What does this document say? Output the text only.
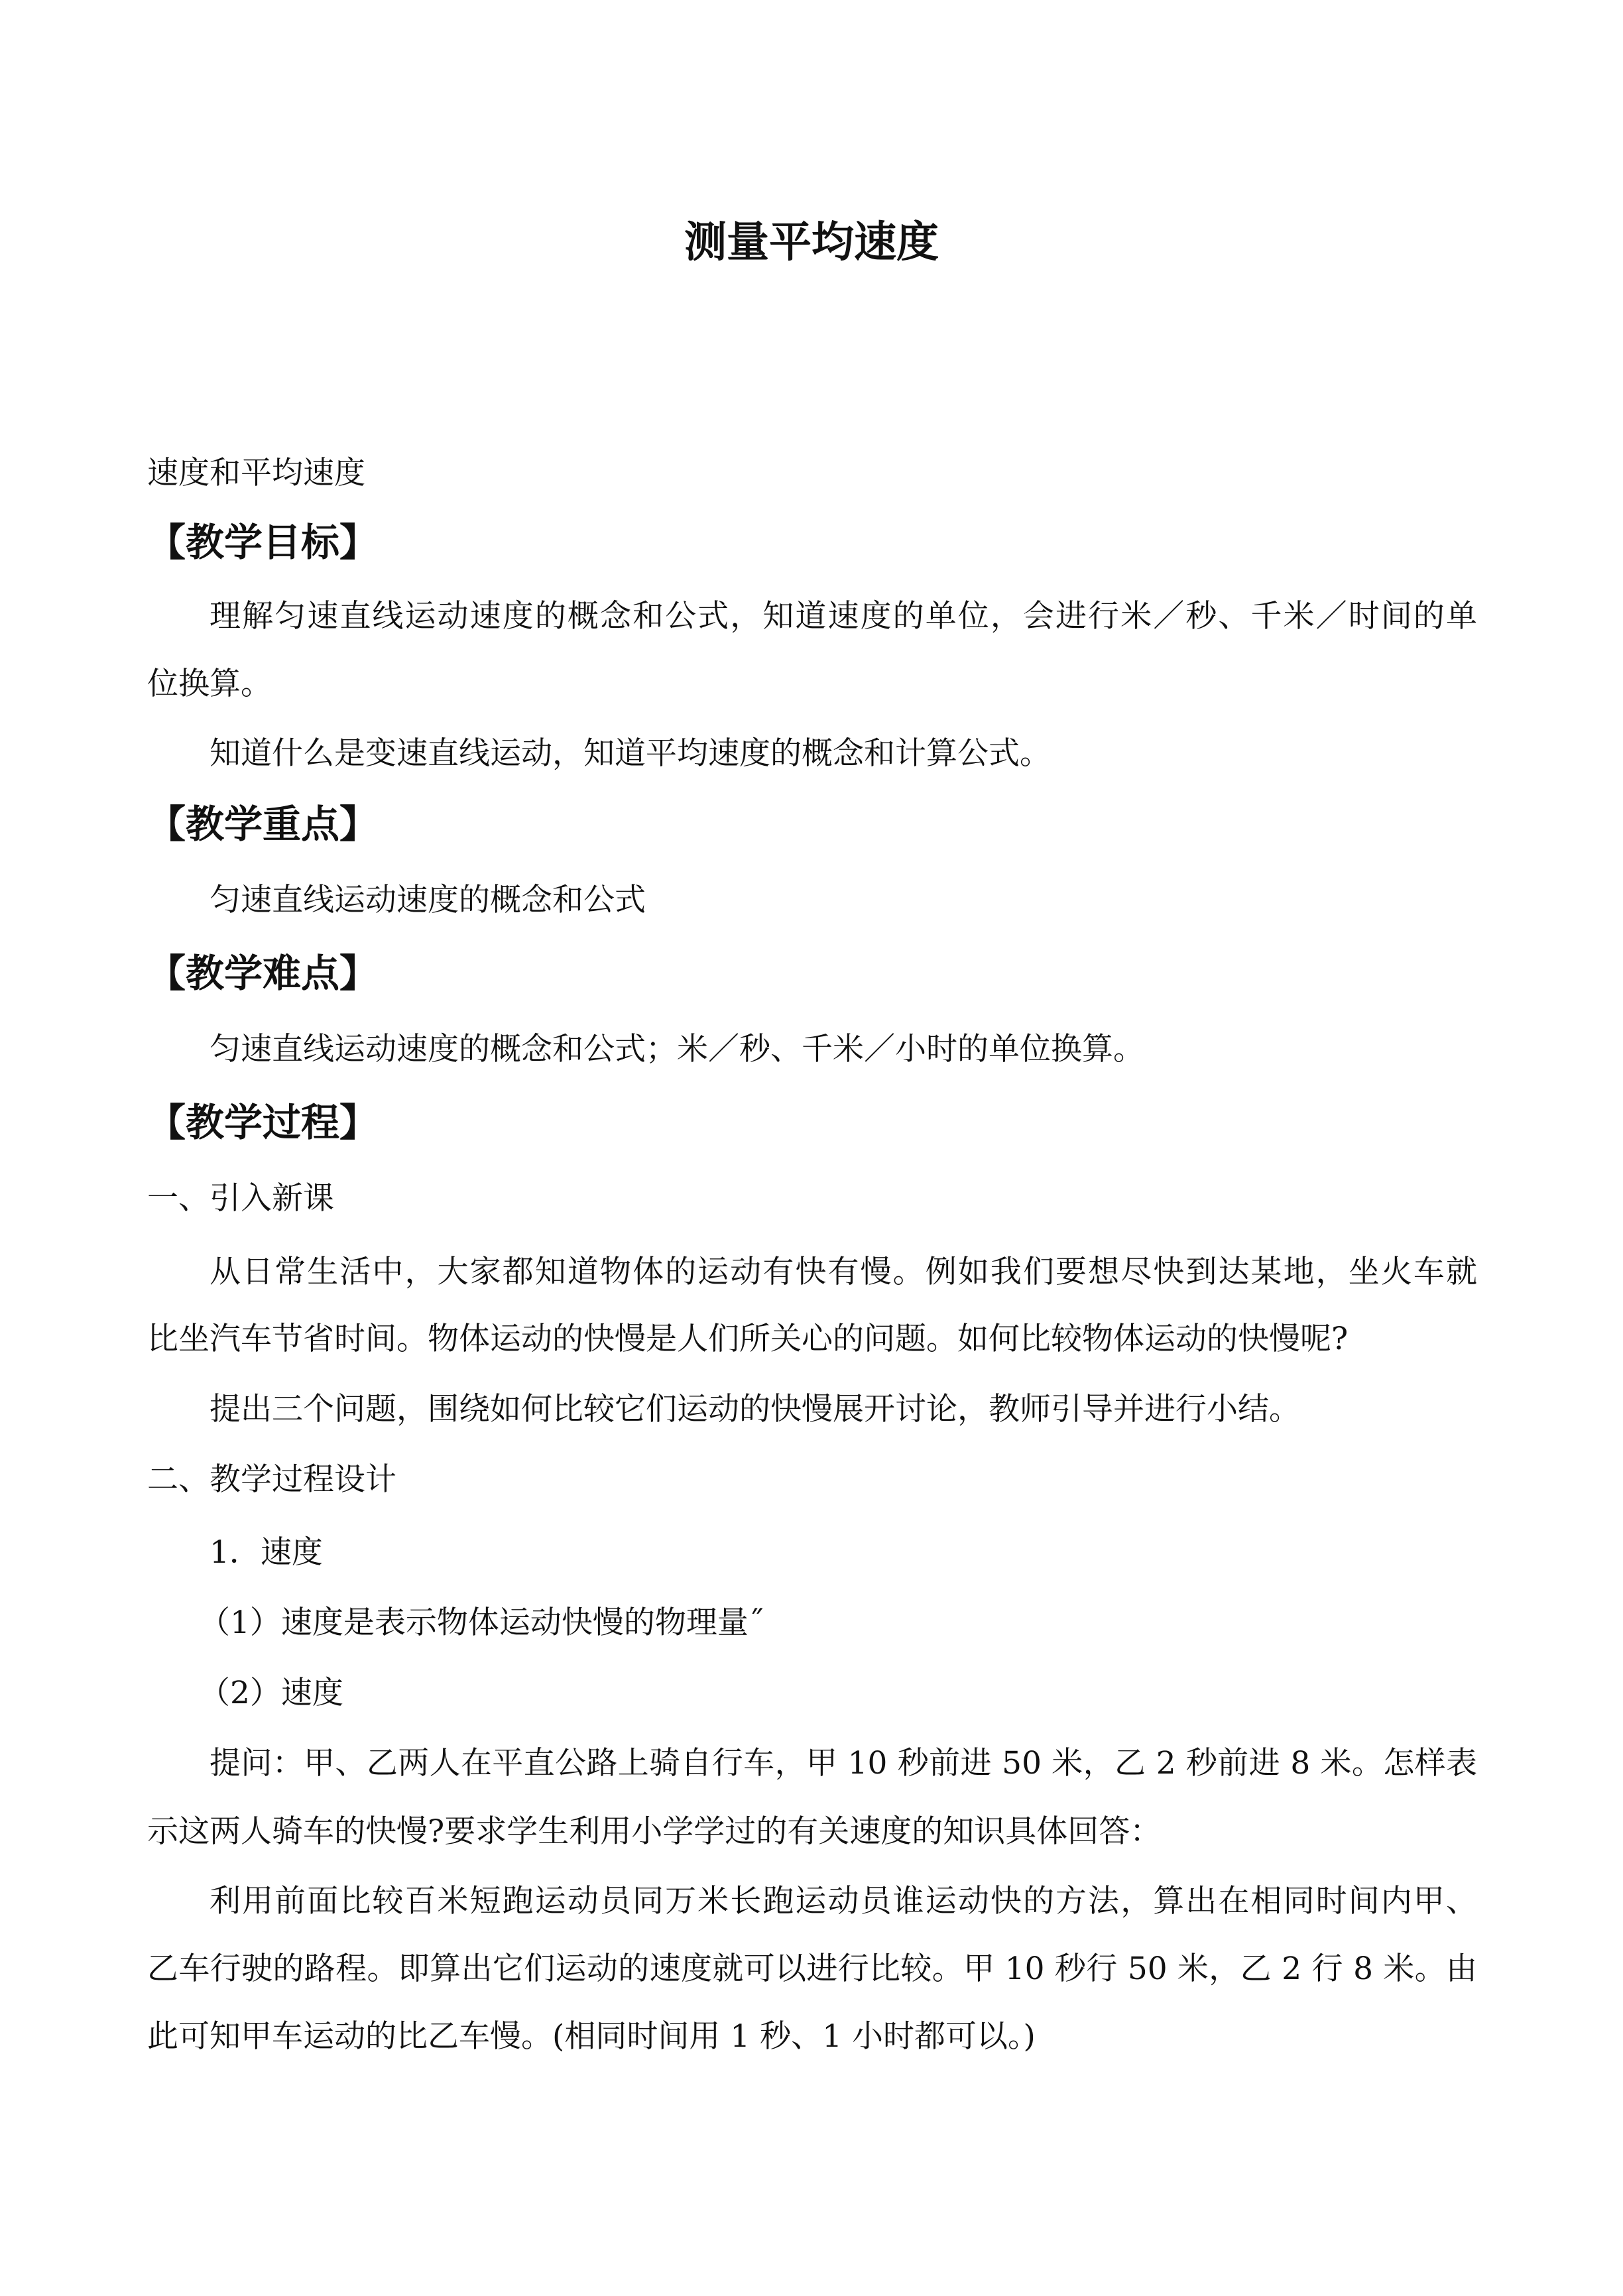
测量平均速度

速度和平均速度

【教学目标】

理解匀速直线运动速度的概念和公式，知道速度的单位，会进行米／秒、千米／时间的单

位换算。

知道什么是变速直线运动，知道平均速度的概念和计算公式。

【教学重点】

匀速直线运动速度的概念和公式

【教学难点】

匀速直线运动速度的概念和公式；米／秒、千米／小时的单位换算。

【教学过程】

一、引入新课

从日常生活中，大家都知道物体的运动有快有慢。例如我们要想尽快到达某地，坐火车就

比坐汽车节省时间。物体运动的快慢是人们所关心的问题。如何比较物体运动的快慢呢?

提出三个问题，围绕如何比较它们运动的快慢展开讨论，教师引导并进行小结。

二、教学过程设计

1．速度

（1）速度是表示物体运动快慢的物理量˝

（2）速度

提问：甲、乙两人在平直公路上骑自行车，甲 10 秒前进 50 米，乙 2 秒前进 8 米。怎样表

示这两人骑车的快慢?要求学生利用小学学过的有关速度的知识具体回答：

利用前面比较百米短跑运动员同万米长跑运动员谁运动快的方法，算出在相同时间内甲、

乙车行驶的路程。即算出它们运动的速度就可以进行比较。甲 10 秒行 50 米，乙 2 行 8 米。由

此可知甲车运动的比乙车慢。(相同时间用 1 秒、1 小时都可以。)
